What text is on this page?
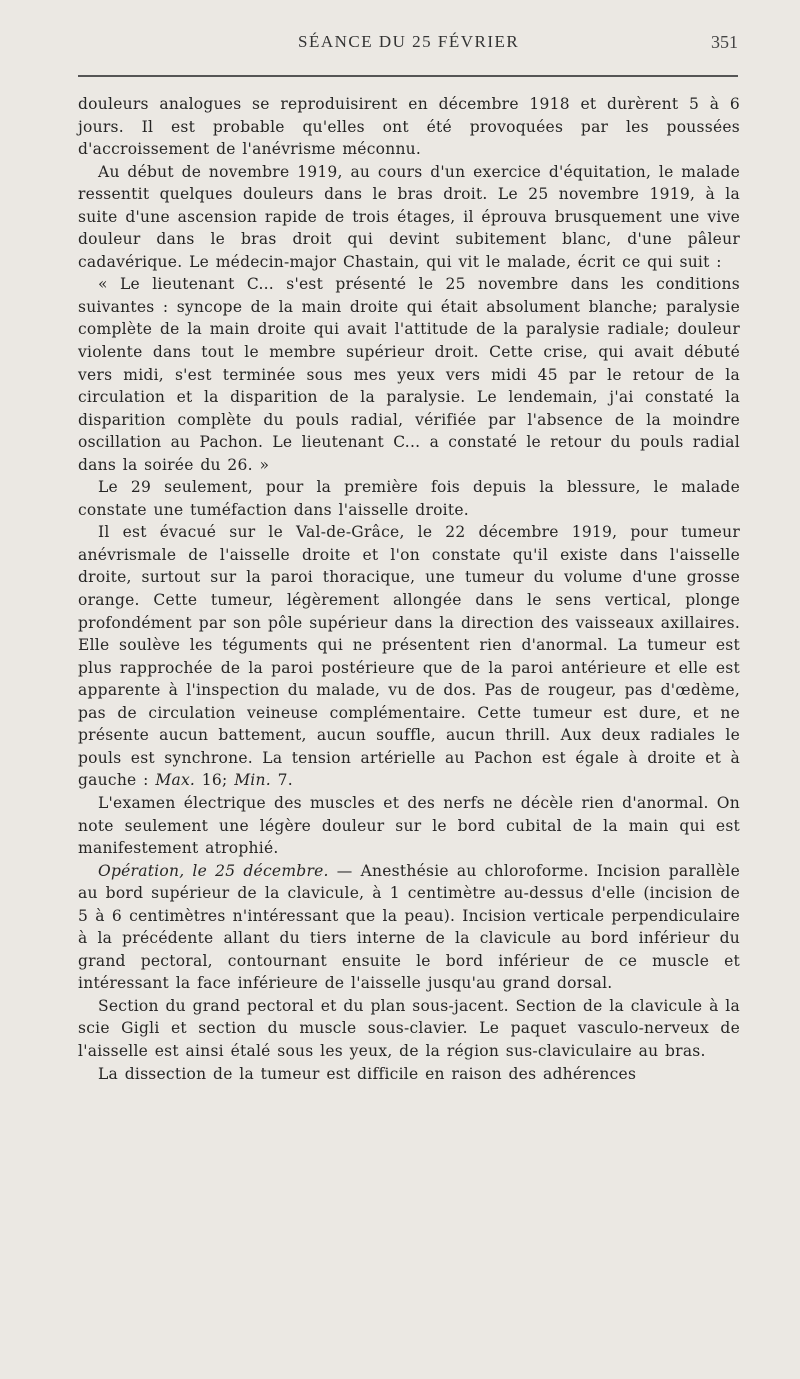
SÉANCE DU 25 FÉVRIER	351

douleurs analogues se reproduisirent en décembre 1918 et durèrent 5 à 6 jours. Il est probable qu'elles ont été provoquées par les poussées d'accroissement de l'anévrisme méconnu.

Au début de novembre 1919, au cours d'un exercice d'équitation, le malade ressentit quelques douleurs dans le bras droit. Le 25 novembre 1919, à la suite d'une ascension rapide de trois étages, il éprouva brusquement une vive douleur dans le bras droit qui devint subitement blanc, d'une pâleur cadavérique. Le médecin-major Chastain, qui vit le malade, écrit ce qui suit :

« Le lieutenant C... s'est présenté le 25 novembre dans les conditions suivantes : syncope de la main droite qui était absolument blanche; paralysie complète de la main droite qui avait l'attitude de la paralysie radiale; douleur violente dans tout le membre supérieur droit. Cette crise, qui avait débuté vers midi, s'est terminée sous mes yeux vers midi 45 par le retour de la circulation et la disparition de la paralysie. Le lendemain, j'ai constaté la disparition complète du pouls radial, vérifiée par l'absence de la moindre oscillation au Pachon. Le lieutenant C... a constaté le retour du pouls radial dans la soirée du 26. »

Le 29 seulement, pour la première fois depuis la blessure, le malade constate une tuméfaction dans l'aisselle droite.

Il est évacué sur le Val-de-Grâce, le 22 décembre 1919, pour tumeur anévrismale de l'aisselle droite et l'on constate qu'il existe dans l'aisselle droite, surtout sur la paroi thoracique, une tumeur du volume d'une grosse orange. Cette tumeur, légèrement allongée dans le sens vertical, plonge profondément par son pôle supérieur dans la direction des vaisseaux axillaires. Elle soulève les téguments qui ne présentent rien d'anormal. La tumeur est plus rapprochée de la paroi postérieure que de la paroi antérieure et elle est apparente à l'inspection du malade, vu de dos. Pas de rougeur, pas d'œdème, pas de circulation veineuse complémentaire. Cette tumeur est dure, et ne présente aucun battement, aucun souffle, aucun thrill. Aux deux radiales le pouls est synchrone. La tension artérielle au Pachon est égale à droite et à gauche : Max. 16; Min. 7.

L'examen électrique des muscles et des nerfs ne décèle rien d'anormal. On note seulement une légère douleur sur le bord cubital de la main qui est manifestement atrophié.

Opération, le 25 décembre. — Anesthésie au chloroforme. Incision parallèle au bord supérieur de la clavicule, à 1 centimètre au-dessus d'elle (incision de 5 à 6 centimètres n'intéressant que la peau). Incision verticale perpendiculaire à la précédente allant du tiers interne de la clavicule au bord inférieur du grand pectoral, contournant ensuite le bord inférieur de ce muscle et intéressant la face inférieure de l'aisselle jusqu'au grand dorsal.

Section du grand pectoral et du plan sous-jacent. Section de la clavicule à la scie Gigli et section du muscle sous-clavier. Le paquet vasculo-nerveux de l'aisselle est ainsi étalé sous les yeux, de la région sus-claviculaire au bras.

La dissection de la tumeur est difficile en raison des adhérences
